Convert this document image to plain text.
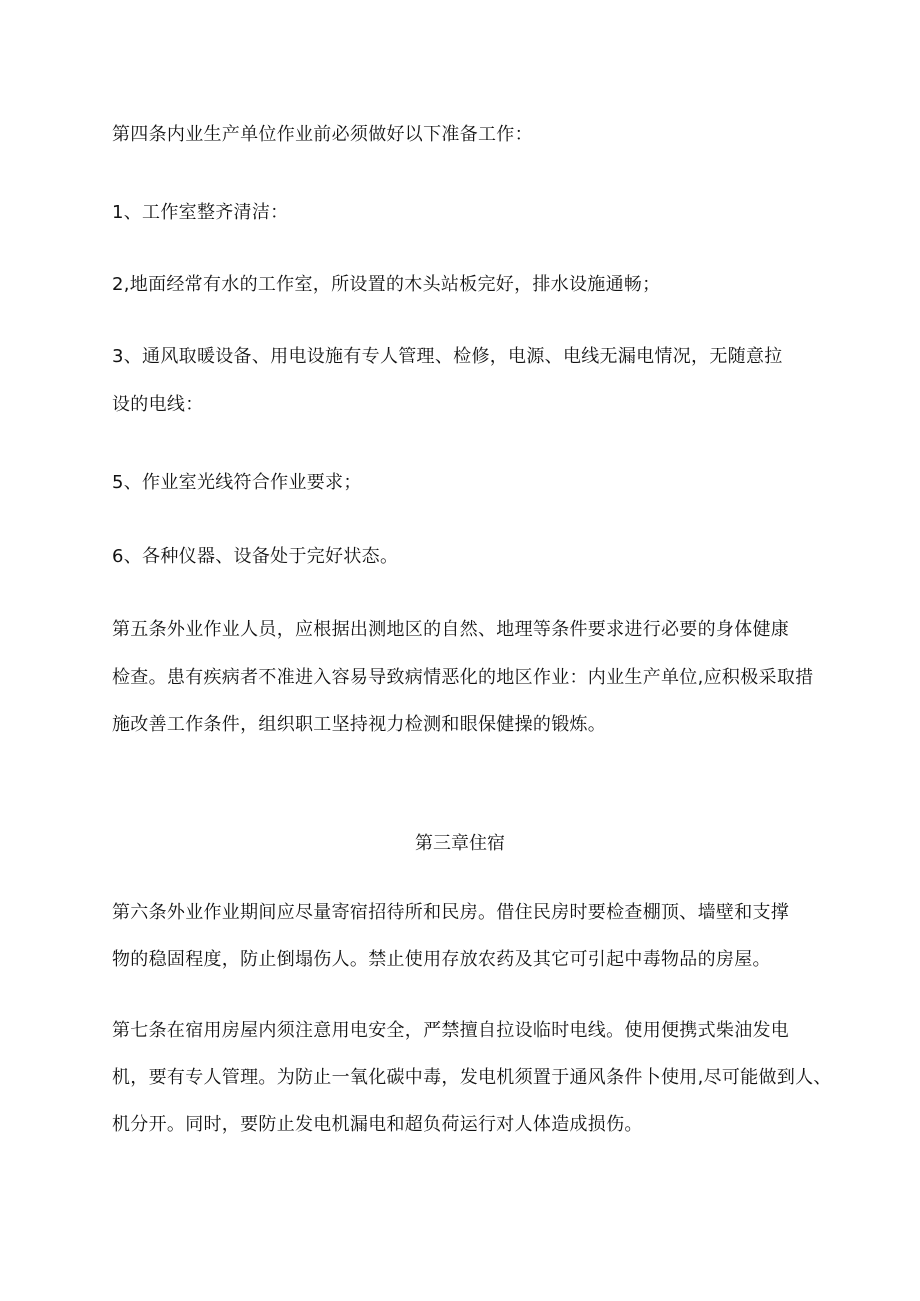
第四条内业生产单位作业前必须做好以下准备工作：

1、工作室整齐清洁：

2,地面经常有水的工作室，所设置的木头站板完好，排水设施通畅；

3、通风取暖设备、用电设施有专人管理、检修，电源、电线无漏电情况，无随意拉

设的电线：

5、作业室光线符合作业要求；

6、各种仪器、设备处于完好状态。

第五条外业作业人员，应根据出测地区的自然、地理等条件要求进行必要的身体健康

检查。患有疾病者不准进入容易导致病情恶化的地区作业：内业生产单位,应积极采取措

施改善工作条件，组织职工坚持视力检测和眼保健操的锻炼。

第三章住宿

第六条外业作业期间应尽量寄宿招待所和民房。借住民房时要检查棚顶、墙壁和支撑

物的稳固程度，防止倒塌伤人。禁止使用存放农药及其它可引起中毒物品的房屋。

第七条在宿用房屋内须注意用电安全，严禁擅自拉设临时电线。使用便携式柴油发电

机，要有专人管理。为防止一氧化碳中毒，发电机须置于通风条件卜使用,尽可能做到人、

机分开。同时，要防止发电机漏电和超负荷运行对人体造成损伤。
